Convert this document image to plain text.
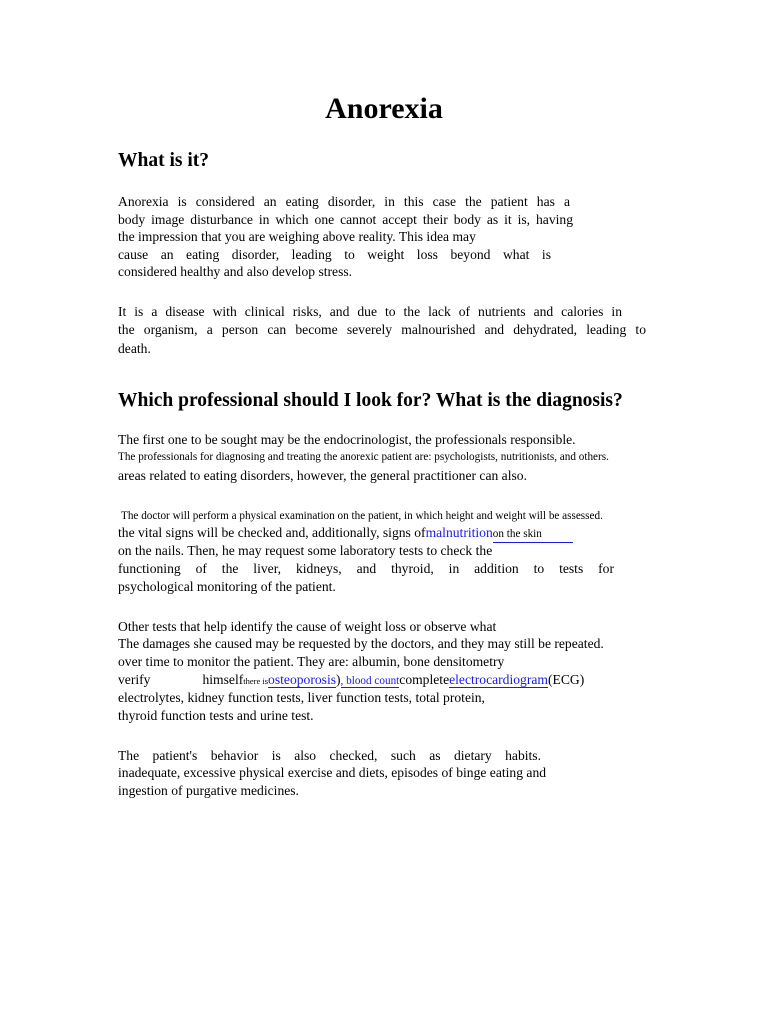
Anorexia
What is it?

Anorexia is considered an eating disorder, in this case the patient has a

body image disturbance in which one cannot accept their body as it is, having

the impression that you are weighing above reality. This idea may

cause an eating disorder, leading to weight loss beyond what is

considered healthy and also develop stress.

It is a disease with clinical risks, and due to the lack of nutrients and calories in

the organism, a person can become severely malnourished and dehydrated, leading to

death.

Which professional should I look for? What is the diagnosis?

The first one to be sought may be the endocrinologist, the professionals responsible.

The professionals for diagnosing and treating the anorexic patient are: psychologists, nutritionists, and others.

areas related to eating disorders, however, the general practitioner can also.

The doctor will perform a physical examination on the patient, in which height and weight will be assessed.

the vital signs will be checked and, additionally, signs ofmalnutritionon the skin

on the nails. Then, he may request some laboratory tests to check the

functioning of the liver, kidneys, and thyroid, in addition to tests for

psychological monitoring of the patient.

Other tests that help identify the cause of weight loss or observe what

The damages she caused may be requested by the doctors, and they may still be repeated.

over time to monitor the patient. They are: albumin, bone densitometry

verify	himselfthere isosteoporosis), blood countcompleteelectrocardiogram(ECG)

electrolytes, kidney function tests, liver function tests, total protein,

thyroid function tests and urine test.

The patient's behavior is also checked, such as dietary habits.

inadequate, excessive physical exercise and diets, episodes of binge eating and

ingestion of purgative medicines.
